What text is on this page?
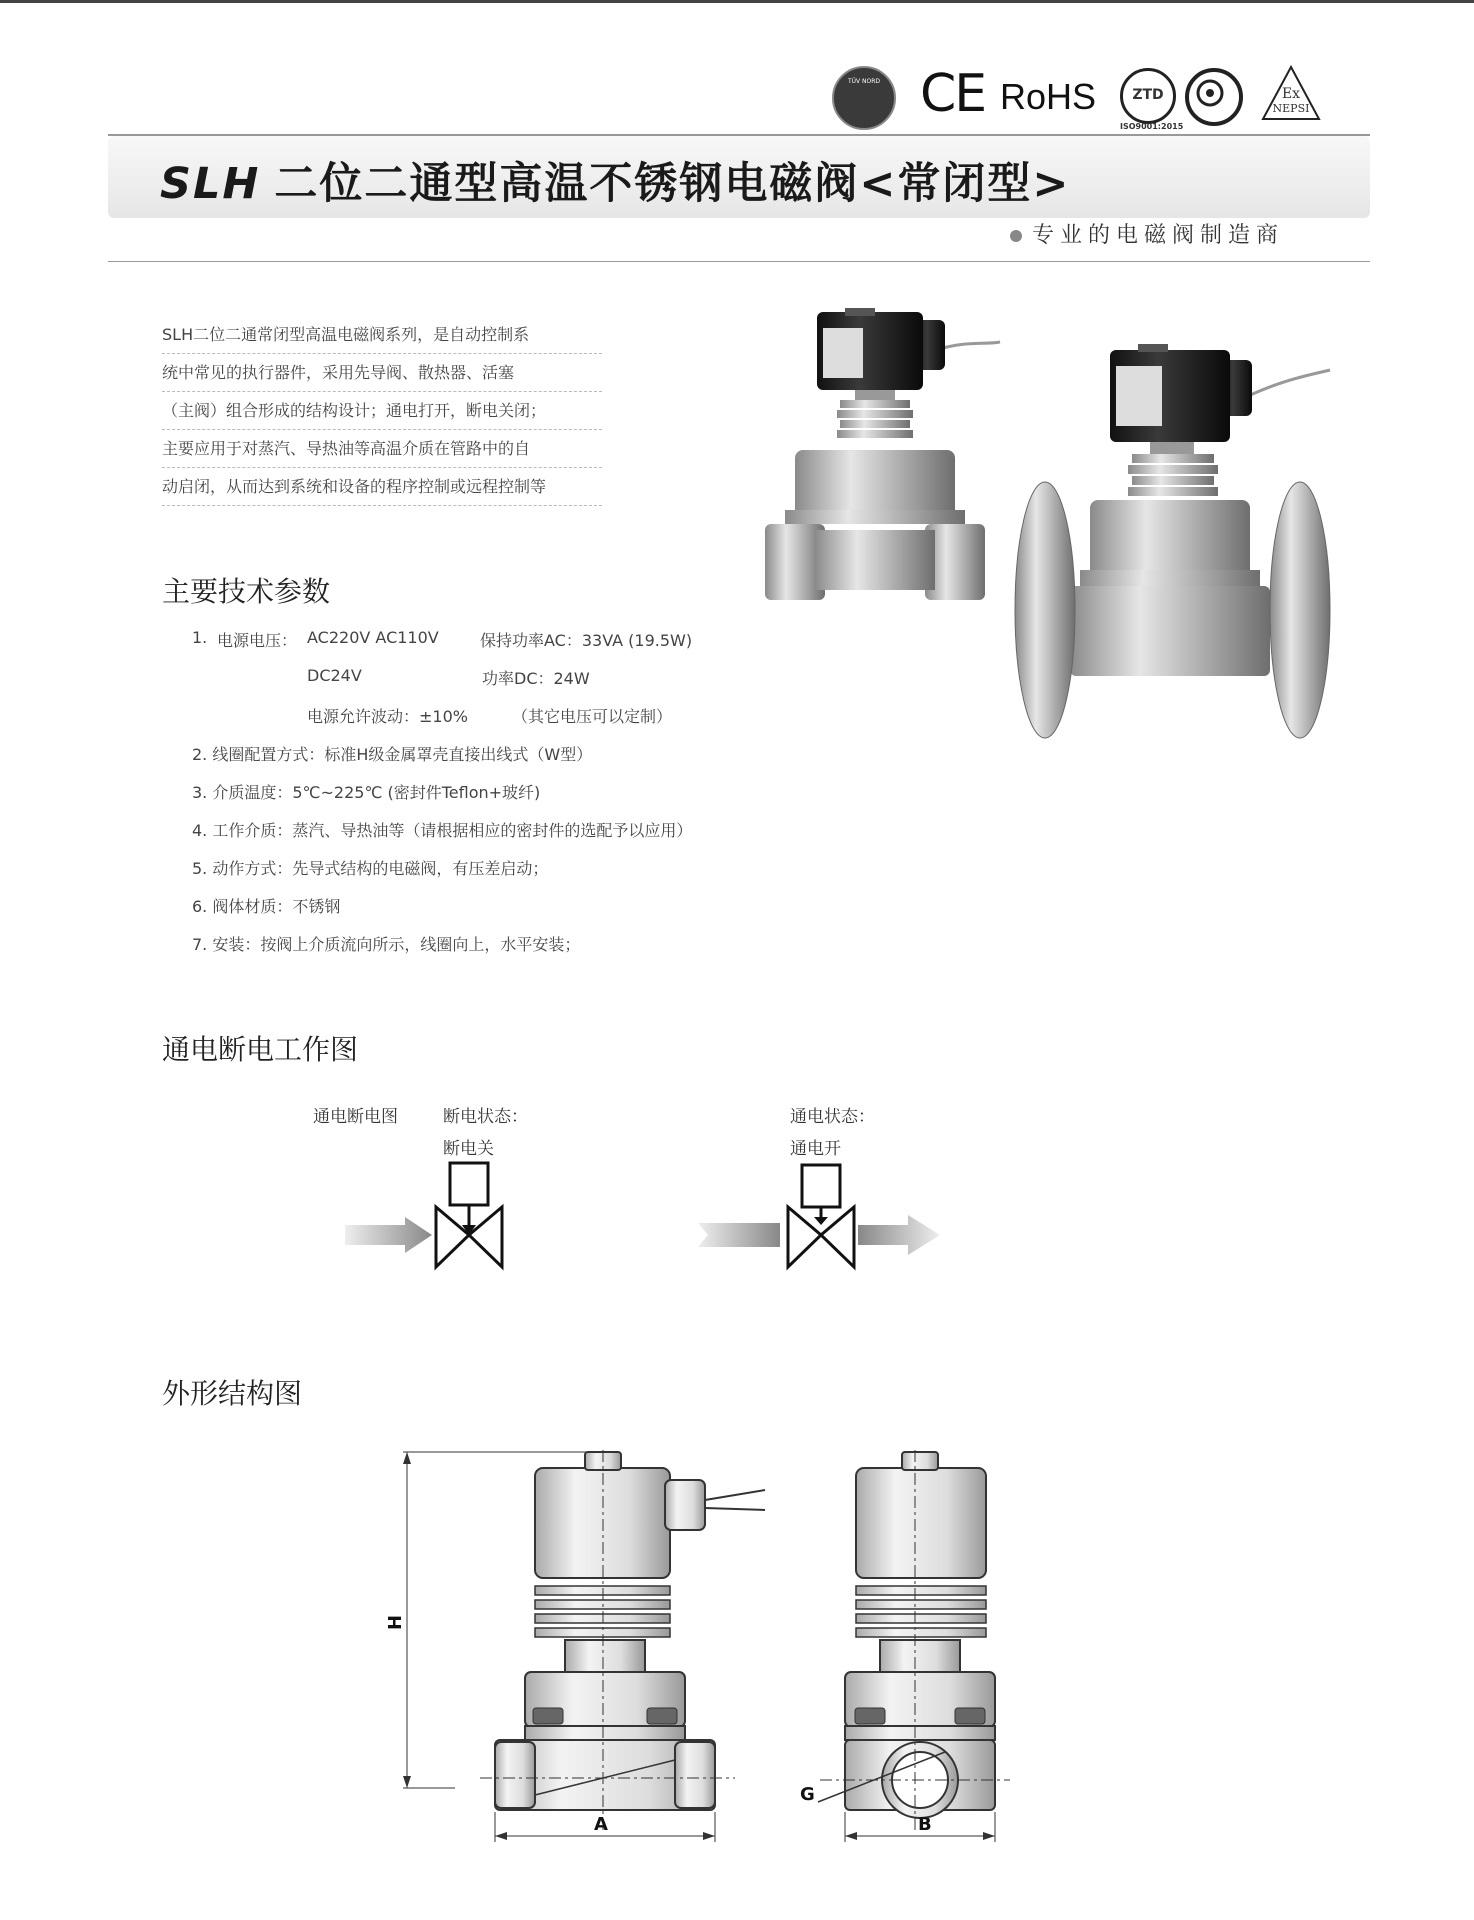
TÜV NORD CE RoHS	ZTD
ISO9001:2015
Ex
NEPSI
SLH 二位二通型高温不锈钢电磁阀<常闭型>
专业的电磁阀制造商
SLH二位二通常闭型高温电磁阀系列，是自动控制系
统中常见的执行器件，采用先导阀、散热器、活塞
（主阀）组合形成的结构设计；通电打开，断电关闭；
主要应用于对蒸汽、导热油等高温介质在管路中的自
动启闭，从而达到系统和设备的程序控制或远程控制等
主要技术参数
1. 电源电压： AC220V AC110V	保持功率AC：33VA (19.5W)
DC24V	功率DC：24W
电源允许波动：±10%	（其它电压可以定制）
2. 线圈配置方式：标准H级金属罩壳直接出线式（W型）
3. 介质温度：5℃~225℃ (密封件Teflon+玻纤)
4. 工作介质：蒸汽、导热油等（请根据相应的密封件的选配予以应用）
5. 动作方式：先导式结构的电磁阀，有压差启动；
6. 阀体材质：不锈钢
7. 安装：按阀上介质流向所示，线圈向上，水平安装；
通电断电工作图
通电断电图	断电状态：
断电关
通电状态：
通电开
外形结构图
H
A	B
G
